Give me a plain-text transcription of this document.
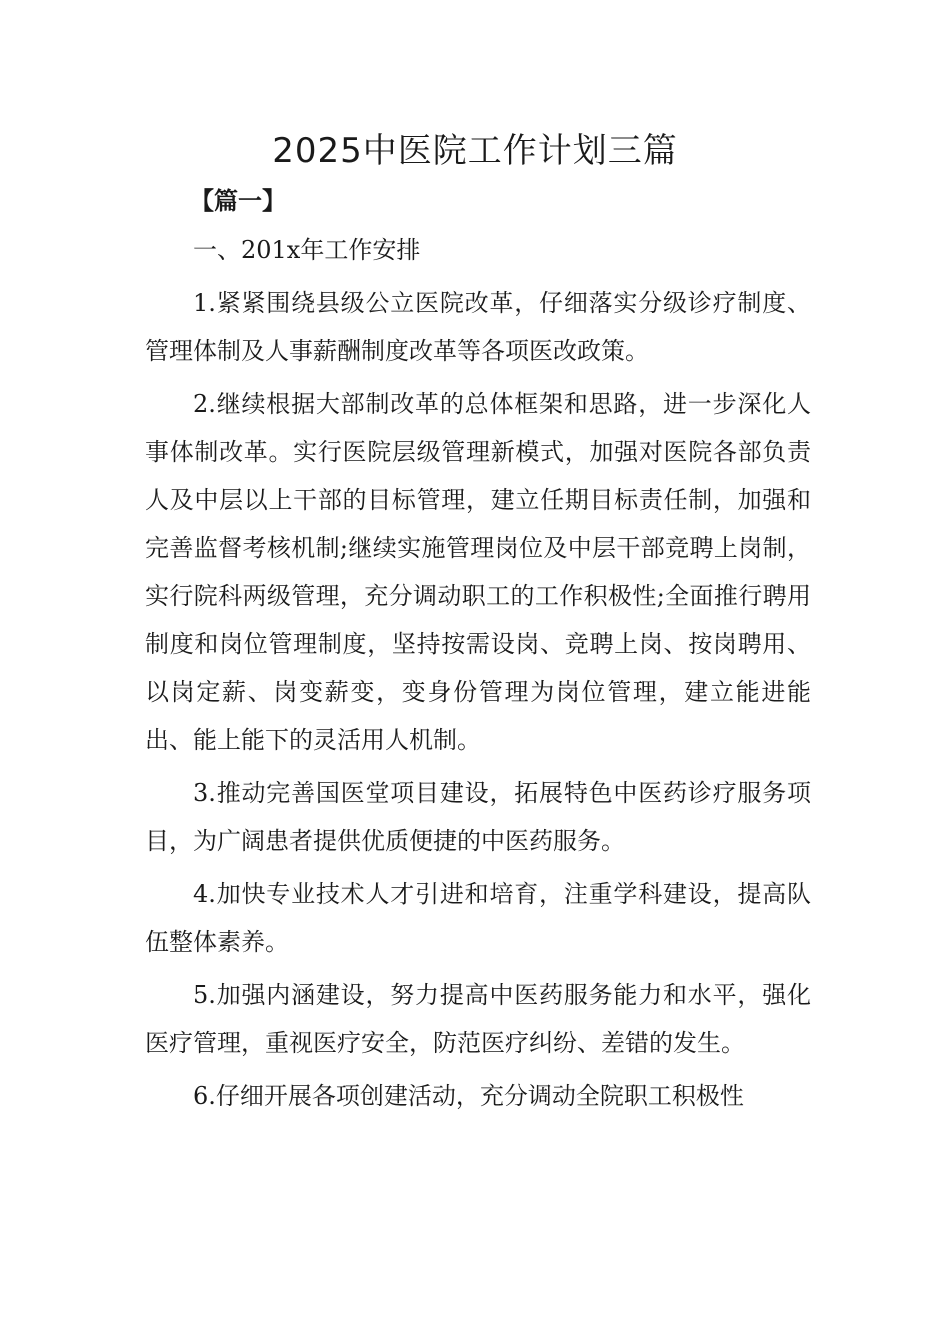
2025中医院工作计划三篇
【篇一】

一、201x年工作安排

1.紧紧围绕县级公立医院改革，仔细落实分级诊疗制度、管理体制及人事薪酬制度改革等各项医改政策。

2.继续根据大部制改革的总体框架和思路，进一步深化人事体制改革。实行医院层级管理新模式，加强对医院各部负责人及中层以上干部的目标管理，建立任期目标责任制，加强和完善监督考核机制;继续实施管理岗位及中层干部竞聘上岗制，实行院科两级管理，充分调动职工的工作积极性;全面推行聘用制度和岗位管理制度，坚持按需设岗、竞聘上岗、按岗聘用、以岗定薪、岗变薪变，变身份管理为岗位管理，建立能进能出、能上能下的灵活用人机制。

3.推动完善国医堂项目建设，拓展特色中医药诊疗服务项目，为广阔患者提供优质便捷的中医药服务。

4.加快专业技术人才引进和培育，注重学科建设，提高队伍整体素养。

5.加强内涵建设，努力提高中医药服务能力和水平，强化医疗管理，重视医疗安全，防范医疗纠纷、差错的发生。

6.仔细开展各项创建活动，充分调动全院职工积极性
